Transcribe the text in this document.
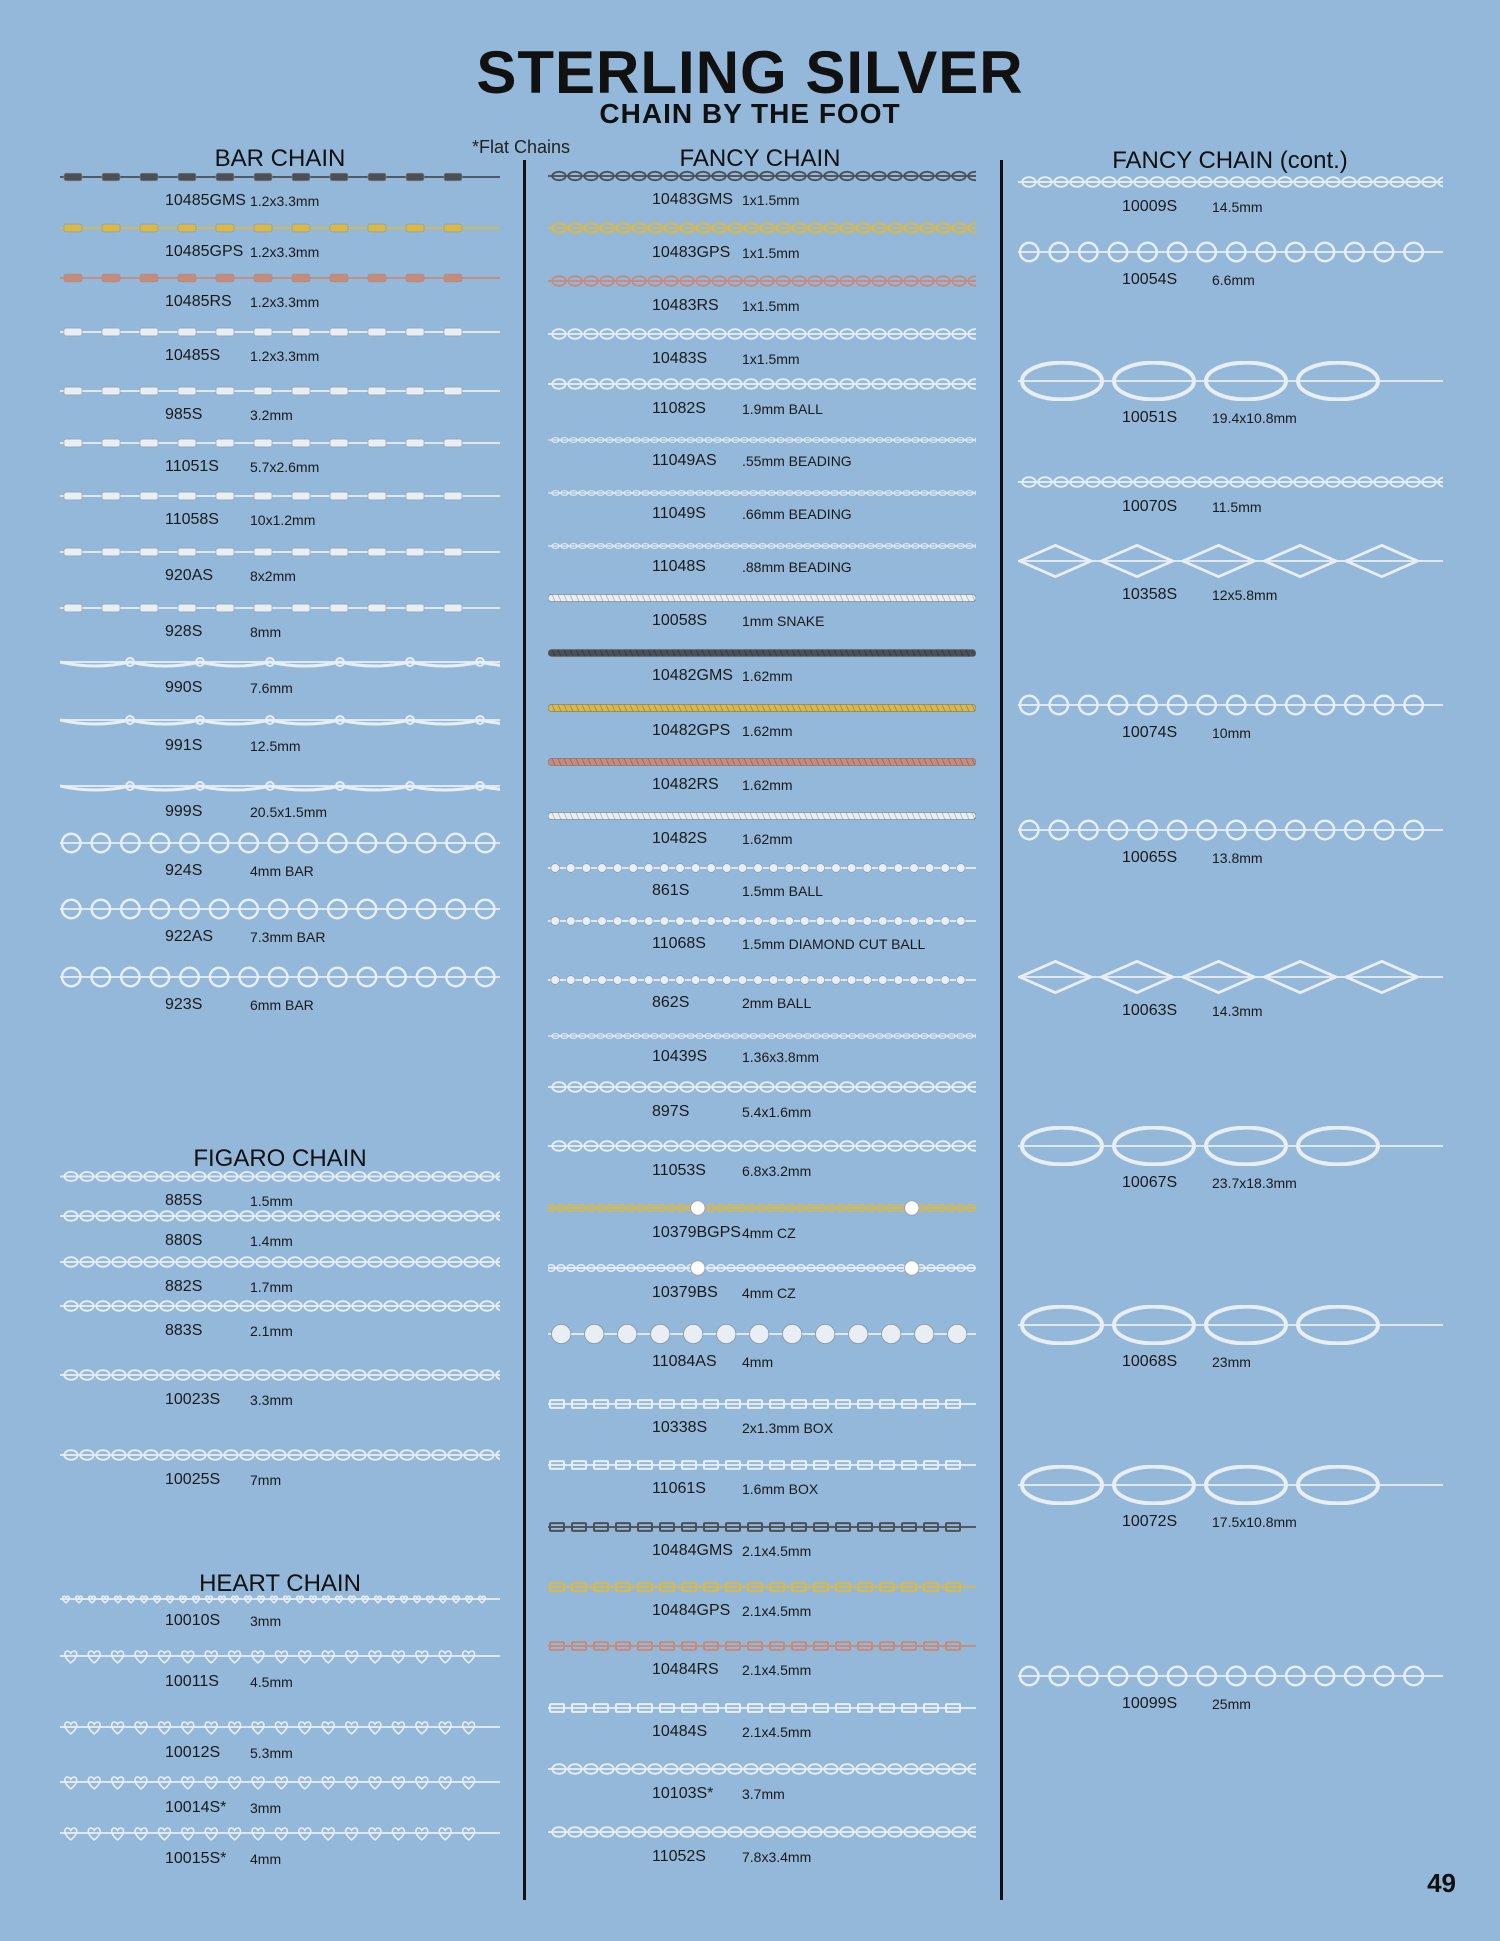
STERLING SILVER
CHAIN BY THE FOOT
*Flat Chains
BAR CHAIN
10485GMS 1.2x3.3mm
10485GPS 1.2x3.3mm
10485RS 1.2x3.3mm
10485S 1.2x3.3mm
985S	3.2mm
11051S 5.7x2.6mm
11058S 10x1.2mm
920AS	8x2mm
928S	8mm
990S	7.6mm
991S	12.5mm
999S	20.5x1.5mm
924S	4mm BAR
922AS	7.3mm BAR
923S	6mm BAR
FIGARO CHAIN
885S	1.5mm
880S	1.4mm
882S	1.7mm
883S	2.1mm
10023S 3.3mm
10025S 7mm
HEART CHAIN
10010S 3mm
10011S 4.5mm
10012S 5.3mm
10014S* 3mm
10015S* 4mm
FANCY CHAIN
10483GMS 1x1.5mm
10483GPS 1x1.5mm
10483RS 1x1.5mm
10483S 1x1.5mm
11082S	1.9mm BALL
11049AS .55mm BEADING
11049S	.66mm BEADING
11048S	.88mm BEADING
10058S 1mm SNAKE
10482GMS 1.62mm
10482GPS 1.62mm
10482RS 1.62mm
10482S 1.62mm
861S	1.5mm BALL
11068S	1.5mm DIAMOND CUT BALL
862S	2mm BALL
10439S 1.36x3.8mm
897S	5.4x1.6mm
11053S	6.8x3.2mm
10379BGPS 4mm CZ
10379BS 4mm CZ
11084AS 4mm
10338S 2x1.3mm BOX
11061S	1.6mm BOX
10484GMS 2.1x4.5mm
10484GPS 2.1x4.5mm
10484RS 2.1x4.5mm
10484S 2.1x4.5mm
10103S* 3.7mm
11052S	7.8x3.4mm
FANCY CHAIN (cont.)
10009S 14.5mm
10054S 6.6mm
10051S 19.4x10.8mm
10070S 11.5mm
10358S 12x5.8mm
10074S 10mm
10065S 13.8mm
10063S 14.3mm
10067S 23.7x18.3mm
10068S 23mm
10072S 17.5x10.8mm
10099S 25mm
49
